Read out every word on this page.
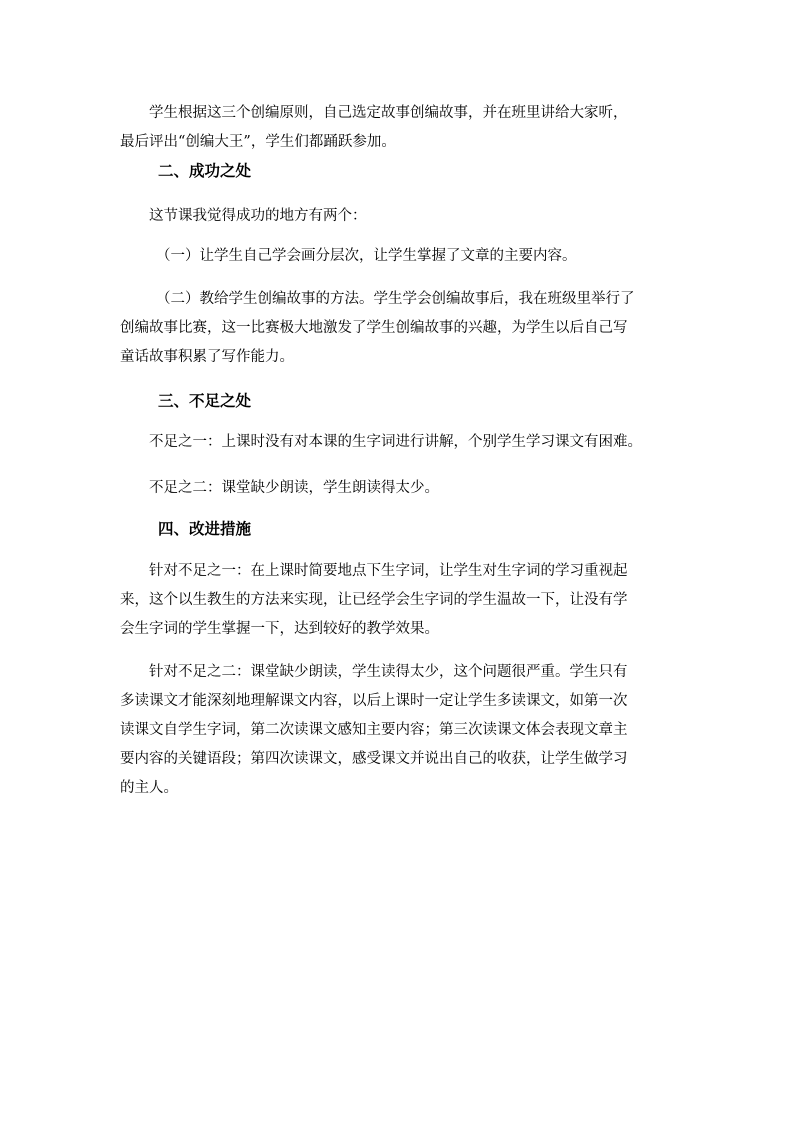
学生根据这三个创编原则，自己选定故事创编故事，并在班里讲给大家听，
最后评出“创编大王”，学生们都踊跃参加。
二、成功之处
这节课我觉得成功的地方有两个：
（一）让学生自己学会画分层次，让学生掌握了文章的主要内容。
（二）教给学生创编故事的方法。学生学会创编故事后，我在班级里举行了
创编故事比赛，这一比赛极大地激发了学生创编故事的兴趣，为学生以后自己写
童话故事积累了写作能力。
三、不足之处
不足之一：上课时没有对本课的生字词进行讲解，个别学生学习课文有困难。
不足之二：课堂缺少朗读，学生朗读得太少。
四、改进措施
针对不足之一：在上课时简要地点下生字词，让学生对生字词的学习重视起
来，这个以生教生的方法来实现，让已经学会生字词的学生温故一下，让没有学
会生字词的学生掌握一下，达到较好的教学效果。
针对不足之二：课堂缺少朗读，学生读得太少，这个问题很严重。学生只有
多读课文才能深刻地理解课文内容，以后上课时一定让学生多读课文，如第一次
读课文自学生字词，第二次读课文感知主要内容；第三次读课文体会表现文章主
要内容的关键语段；第四次读课文，感受课文并说出自己的收获，让学生做学习
的主人。
